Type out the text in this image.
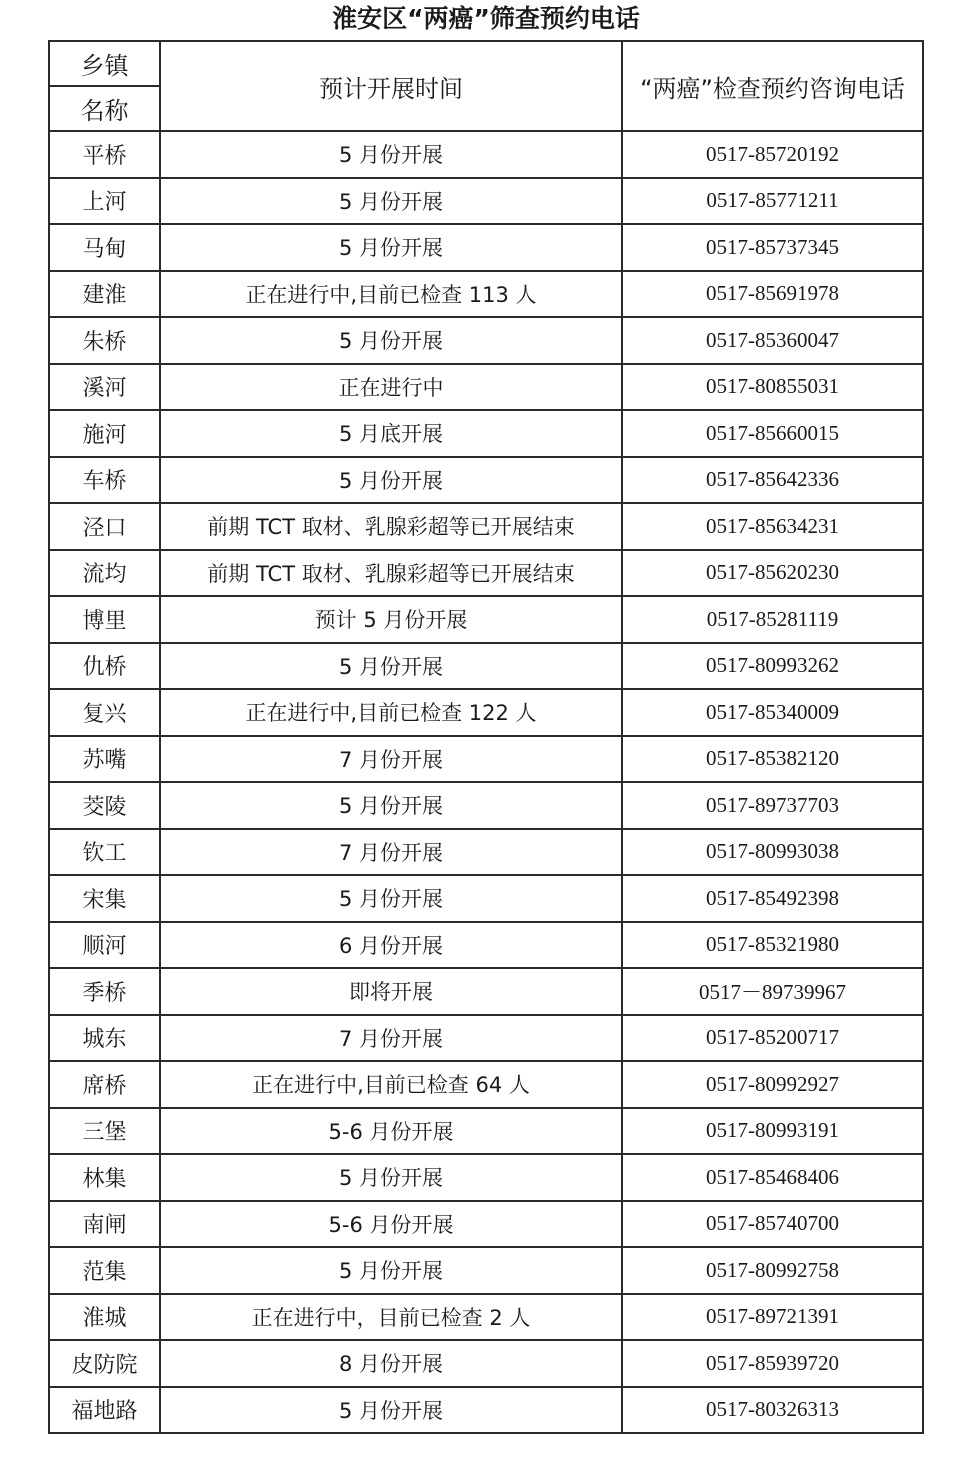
淮安区“两癌”筛查预约电话
乡镇	预计开展时间	“两癌”检查预约咨询电话
名称		
平桥	5 月份开展	0517-85720192
上河	5 月份开展	0517-85771211
马甸	5 月份开展	0517-85737345
建淮	正在进行中,目前已检查 113 人	0517-85691978
朱桥	5 月份开展	0517-85360047
溪河	正在进行中	0517-80855031
施河	5 月底开展	0517-85660015
车桥	5 月份开展	0517-85642336
泾口	前期 TCT 取材、乳腺彩超等已开展结束	0517-85634231
流均	前期 TCT 取材、乳腺彩超等已开展结束	0517-85620230
博里	预计 5 月份开展	0517-85281119
仇桥	5 月份开展	0517-80993262
复兴	正在进行中,目前已检查 122 人	0517-85340009
苏嘴	7 月份开展	0517-85382120
茭陵	5 月份开展	0517-89737703
钦工	7 月份开展	0517-80993038
宋集	5 月份开展	0517-85492398
顺河	6 月份开展	0517-85321980
季桥	即将开展	0517－89739967
城东	7 月份开展	0517-85200717
席桥	正在进行中,目前已检查 64 人	0517-80992927
三堡	5-6 月份开展	0517-80993191
林集	5 月份开展	0517-85468406
南闸	5-6 月份开展	0517-85740700
范集	5 月份开展	0517-80992758
淮城	正在进行中，目前已检查 2 人	0517-89721391
皮防院	8 月份开展	0517-85939720
福地路	5 月份开展	0517-80326313
